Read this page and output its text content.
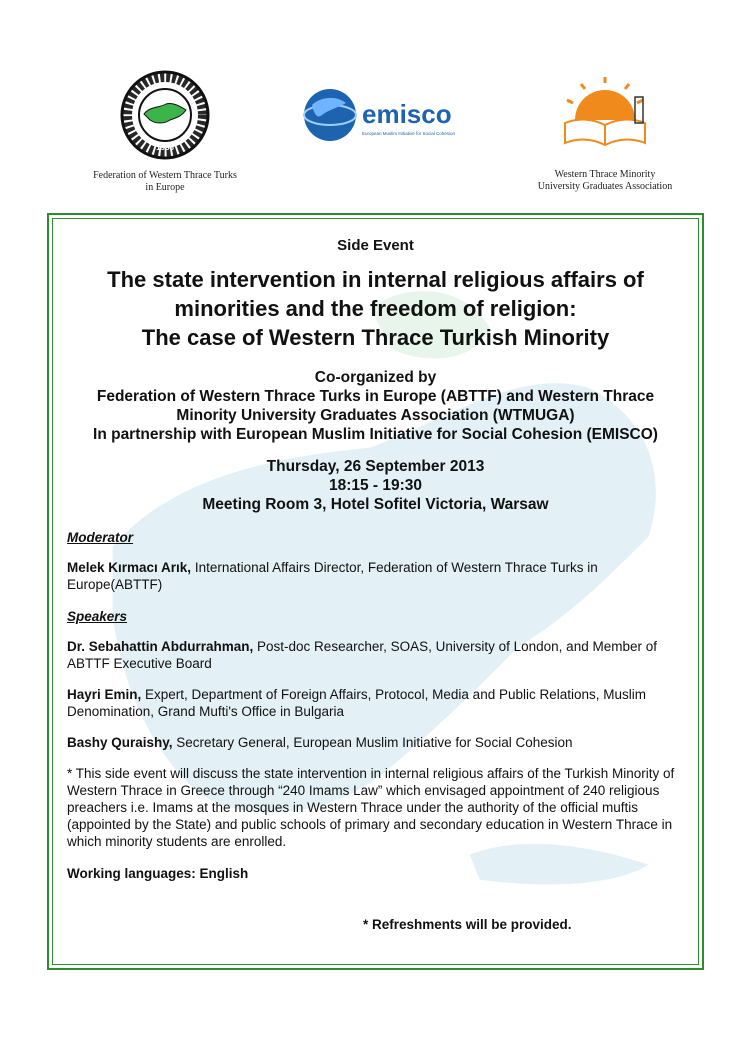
1988
Federation of Western Thrace Turks
in Europe
emisco
European Muslim Initiative for Social Cohesion
Western Thrace Minority
University Graduates Association
Side Event
The state intervention in internal religious affairs of
minorities and the freedom of religion:
The case of Western Thrace Turkish Minority
Co-organized by
Federation of Western Thrace Turks in Europe (ABTTF) and Western Thrace
Minority University Graduates Association (WTMUGA)
In partnership with European Muslim Initiative for Social Cohesion (EMISCO)
Thursday, 26 September 2013
18:15 - 19:30
Meeting Room 3, Hotel Sofitel Victoria, Warsaw
Moderator
Melek Kırmacı Arık, International Affairs Director, Federation of Western Thrace Turks in Europe(ABTTF)
Speakers
Dr. Sebahattin Abdurrahman, Post-doc Researcher, SOAS, University of London, and Member of ABTTF Executive Board
Hayri Emin, Expert, Department of Foreign Affairs, Protocol, Media and Public Relations, Muslim Denomination, Grand Mufti's Office in Bulgaria
Bashy Quraishy, Secretary General, European Muslim Initiative for Social Cohesion
* This side event will discuss the state intervention in internal religious affairs of the Turkish Minority of Western Thrace in Greece through “240 Imams Law” which envisaged appointment of 240 religious preachers i.e. Imams at the mosques in Western Thrace under the authority of the official muftis (appointed by the State) and public schools of primary and secondary education in Western Thrace in which minority students are enrolled.
Working languages: English
* Refreshments will be provided.
